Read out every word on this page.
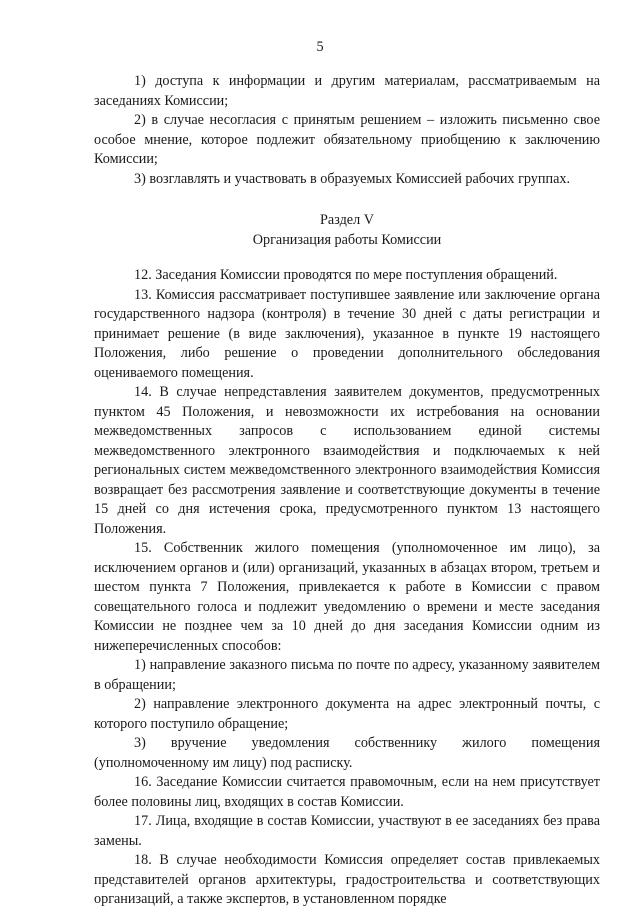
5

1) доступа к информации и другим материалам, рассматриваемым на заседаниях Комиссии;

2) в случае несогласия с принятым решением – изложить письменно свое особое мнение, которое подлежит обязательному приобщению к заключению Комиссии;

3) возглавлять и участвовать в образуемых Комиссией рабочих группах.

Раздел V

Организация работы Комиссии

12. Заседания Комиссии проводятся по мере поступления обращений.

13. Комиссия рассматривает поступившее заявление или заключение органа государственного надзора (контроля) в течение 30 дней с даты регистрации и принимает решение (в виде заключения), указанное в пункте 19 настоящего Положения, либо решение о проведении дополнительного обследования оцениваемого помещения.

14. В случае непредставления заявителем документов, предусмотренных пунктом 45 Положения, и невозможности их истребования на основании межведомственных запросов с использованием единой системы межведомственного электронного взаимодействия и подключаемых к ней региональных систем межведомственного электронного взаимодействия Комиссия возвращает без рассмотрения заявление и соответствующие документы в течение 15 дней со дня истечения срока, предусмотренного пунктом 13 настоящего Положения.

15. Собственник жилого помещения (уполномоченное им лицо), за исключением органов и (или) организаций, указанных в абзацах втором, третьем и шестом пункта 7 Положения, привлекается к работе в Комиссии с правом совещательного голоса и подлежит уведомлению о времени и месте заседания Комиссии не позднее чем за 10 дней до дня заседания Комиссии одним из нижеперечисленных способов:

1) направление заказного письма по почте по адресу, указанному заявителем в обращении;

2) направление электронного документа на адрес электронный почты, с которого поступило обращение;

3) вручение уведомления собственнику жилого помещения (уполномоченному им лицу) под расписку.

16. Заседание Комиссии считается правомочным, если на нем присутствует более половины лиц, входящих в состав Комиссии.

17. Лица, входящие в состав Комиссии, участвуют в ее заседаниях без права замены.

18. В случае необходимости Комиссия определяет состав привлекаемых представителей органов архитектуры, градостроительства и соответствующих организаций, а также экспертов, в установленном порядке
